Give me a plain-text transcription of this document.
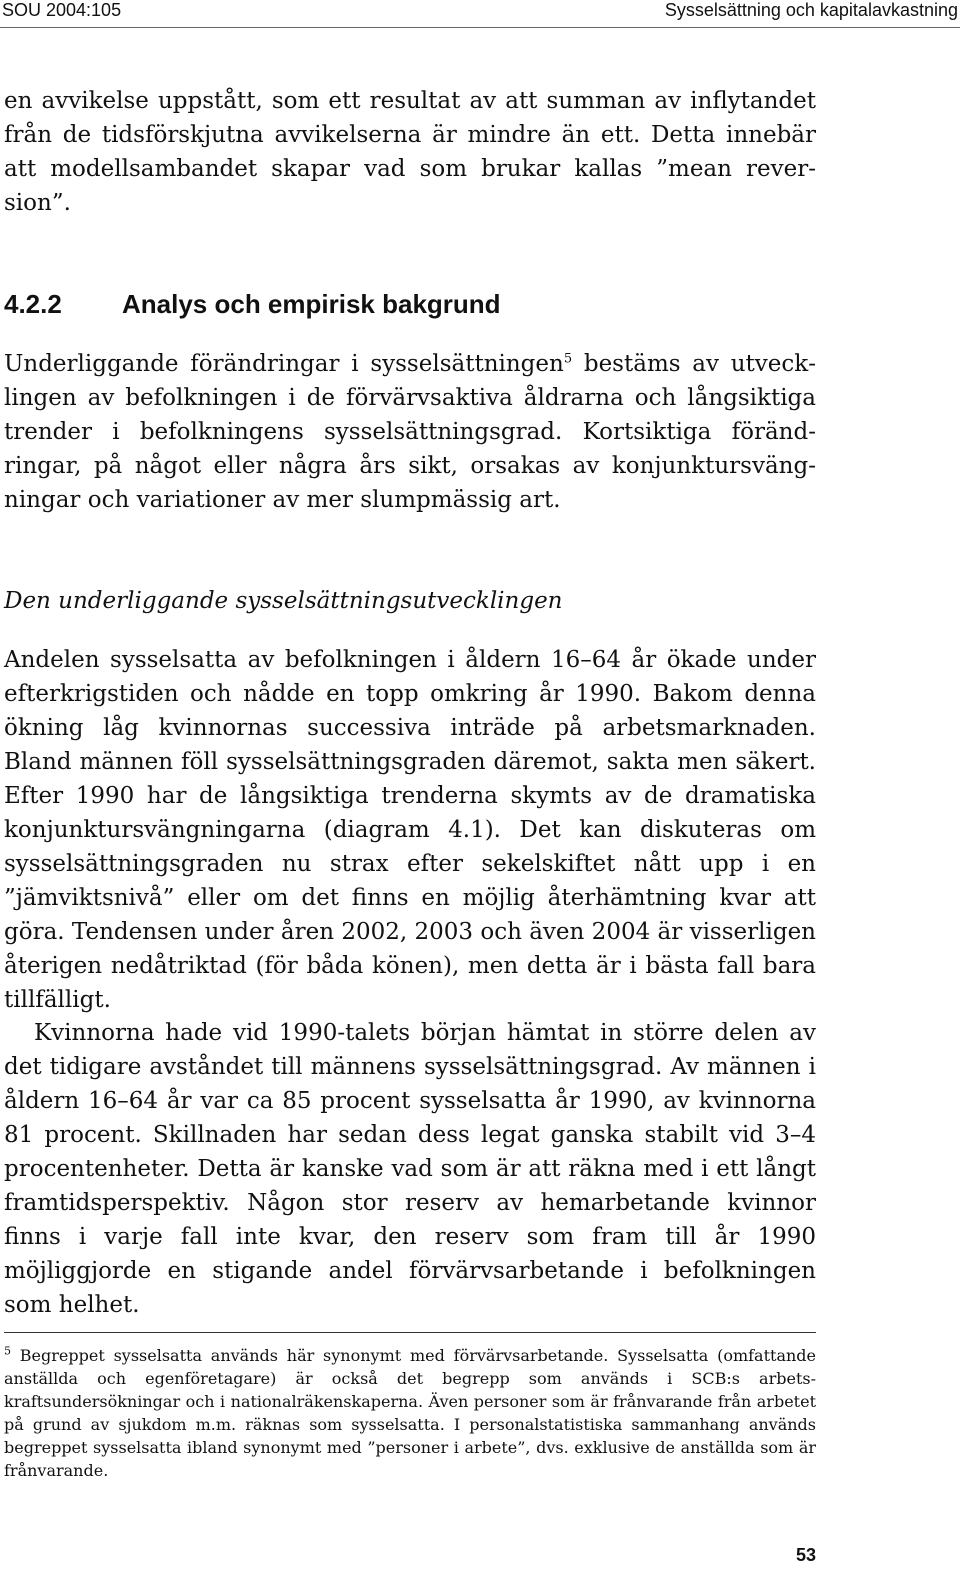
SOU 2004:105	Sysselsättning och kapitalavkastning

en avvikelse uppstått, som ett resultat av att summan av inflytandet från de tidsförskjutna avvikelserna är mindre än ett. Detta innebär att modellsambandet skapar vad som brukar kallas ”mean reversion”.

4.2.2 Analys och empirisk bakgrund

Underliggande förändringar i sysselsättningen$^5$ bestäms av utvecklingen av befolkningen i de förvärvsaktiva åldrarna och långsiktiga trender i befolkningens sysselsättningsgrad. Kortsiktiga förändringar, på något eller några års sikt, orsakas av konjunktursvängningar och variationer av mer slumpmässig art.

Den underliggande sysselsättningsutvecklingen

Andelen sysselsatta av befolkningen i åldern 16–64 år ökade under efterkrigstiden och nådde en topp omkring år 1990. Bakom denna ökning låg kvinnornas successiva inträde på arbetsmarknaden. Bland männen föll sysselsättningsgraden däremot, sakta men säkert. Efter 1990 har de långsiktiga trenderna skymts av de dramatiska konjunktursvängningarna (diagram 4.1). Det kan diskuteras om sysselsättningsgraden nu strax efter sekelskiftet nått upp i en ”jämviktsnivå” eller om det finns en möjlig återhämtning kvar att göra. Tendensen under åren 2002, 2003 och även 2004 är visserligen återigen nedåtriktad (för båda könen), men detta är i bästa fall bara tillfälligt.

Kvinnorna hade vid 1990-talets början hämtat in större delen av det tidigare avståndet till männens sysselsättningsgrad. Av männen i åldern 16–64 år var ca 85 procent sysselsatta år 1990, av kvinnorna 81 procent. Skillnaden har sedan dess legat ganska stabilt vid 3–4 procentenheter. Detta är kanske vad som är att räkna med i ett långt framtidsperspektiv. Någon stor reserv av hemarbetande kvinnor finns i varje fall inte kvar, den reserv som fram till år 1990 möjliggjorde en stigande andel förvärvsarbetande i befolkningen som helhet.

$^5$ Begreppet sysselsatta används här synonymt med förvärvsarbetande. Sysselsatta (omfattande anställda och egenföretagare) är också det begrepp som används i SCB:s arbetskraftsundersökningar och i nationalräkenskaperna. Även personer som är frånvarande från arbetet på grund av sjukdom m.m. räknas som sysselsatta. I personalstatistiska sammanhang används begreppet sysselsatta ibland synonymt med ”personer i arbete”, dvs. exklusive de anställda som är frånvarande.

53
